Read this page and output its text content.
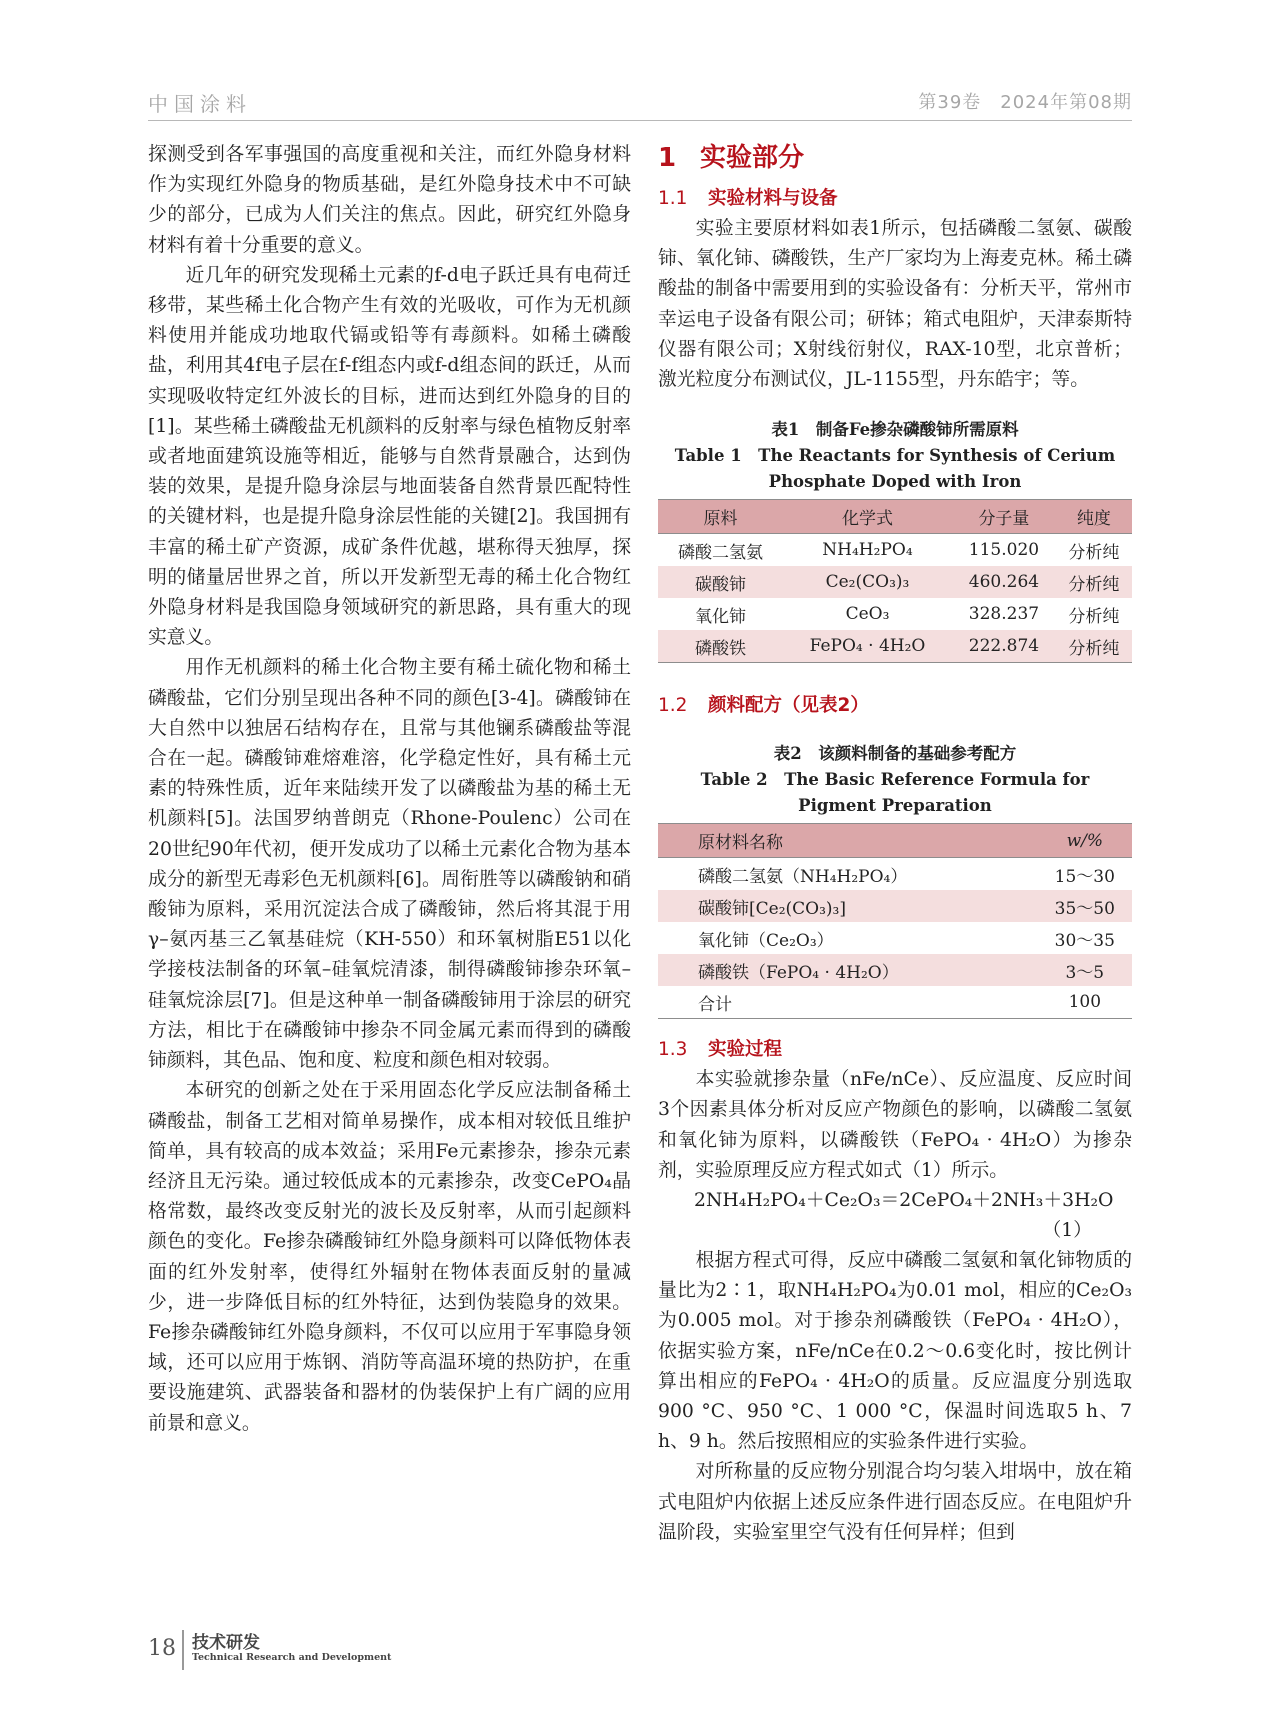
中国涂料	第39卷　2024年第08期

探测受到各军事强国的高度重视和关注，而红外隐身材料作为实现红外隐身的物质基础，是红外隐身技术中不可缺少的部分，已成为人们关注的焦点。因此，研究红外隐身材料有着十分重要的意义。

近几年的研究发现稀土元素的f-d电子跃迁具有电荷迁移带，某些稀土化合物产生有效的光吸收，可作为无机颜料使用并能成功地取代镉或铅等有毒颜料。如稀土磷酸盐，利用其4f电子层在f-f组态内或f-d组态间的跃迁，从而实现吸收特定红外波长的目标，进而达到红外隐身的目的[1]。某些稀土磷酸盐无机颜料的反射率与绿色植物反射率或者地面建筑设施等相近，能够与自然背景融合，达到伪装的效果，是提升隐身涂层与地面装备自然背景匹配特性的关键材料，也是提升隐身涂层性能的关键[2]。我国拥有丰富的稀土矿产资源，成矿条件优越，堪称得天独厚，探明的储量居世界之首，所以开发新型无毒的稀土化合物红外隐身材料是我国隐身领域研究的新思路，具有重大的现实意义。

用作无机颜料的稀土化合物主要有稀土硫化物和稀土磷酸盐，它们分别呈现出各种不同的颜色[3-4]。磷酸铈在大自然中以独居石结构存在，且常与其他镧系磷酸盐等混合在一起。磷酸铈难熔难溶，化学稳定性好，具有稀土元素的特殊性质，近年来陆续开发了以磷酸盐为基的稀土无机颜料[5]。法国罗纳普朗克（Rhone-Poulenc）公司在20世纪90年代初，便开发成功了以稀土元素化合物为基本成分的新型无毒彩色无机颜料[6]。周衔胜等以磷酸钠和硝酸铈为原料，采用沉淀法合成了磷酸铈，然后将其混于用γ–氨丙基三乙氧基硅烷（KH-550）和环氧树脂E51以化学接枝法制备的环氧–硅氧烷清漆，制得磷酸铈掺杂环氧–硅氧烷涂层[7]。但是这种单一制备磷酸铈用于涂层的研究方法，相比于在磷酸铈中掺杂不同金属元素而得到的磷酸铈颜料，其色品、饱和度、粒度和颜色相对较弱。

本研究的创新之处在于采用固态化学反应法制备稀土磷酸盐，制备工艺相对简单易操作，成本相对较低且维护简单，具有较高的成本效益；采用Fe元素掺杂，掺杂元素经济且无污染。通过较低成本的元素掺杂，改变CePO₄晶格常数，最终改变反射光的波长及反射率，从而引起颜料颜色的变化。Fe掺杂磷酸铈红外隐身颜料可以降低物体表面的红外发射率，使得红外辐射在物体表面反射的量减少，进一步降低目标的红外特征，达到伪装隐身的效果。Fe掺杂磷酸铈红外隐身颜料，不仅可以应用于军事隐身领域，还可以应用于炼钢、消防等高温环境的热防护，在重要设施建筑、武器装备和器材的伪装保护上有广阔的应用前景和意义。

1 实验部分
1.1 实验材料与设备

实验主要原材料如表1所示，包括磷酸二氢氨、碳酸铈、氧化铈、磷酸铁，生产厂家均为上海麦克林。稀土磷酸盐的制备中需要用到的实验设备有：分析天平，常州市幸运电子设备有限公司；研钵；箱式电阻炉，天津泰斯特仪器有限公司；X射线衍射仪，RAX-10型，北京普析；激光粒度分布测试仪，JL-1155型，丹东皓宇；等。

表1　制备Fe掺杂磷酸铈所需原料
Table 1　The Reactants for Synthesis of Cerium Phosphate Doped with Iron
原料	化学式	分子量	纯度
磷酸二氢氨	NH₄H₂PO₄	115.020	分析纯
碳酸铈	Ce₂(CO₃)₃	460.264	分析纯
氧化铈	CeO₃	328.237	分析纯
磷酸铁	FePO₄ · 4H₂O	222.874	分析纯
1.2 颜料配方（见表2）
表2　该颜料制备的基础参考配方
Table 2　The Basic Reference Formula for Pigment Preparation
原材料名称	w/%
磷酸二氢氨（NH₄H₂PO₄）	15～30
碳酸铈[Ce₂(CO₃)₃]	35～50
氧化铈（Ce₂O₃）	30～35
磷酸铁（FePO₄ · 4H₂O）	3～5
合计	100
1.3 实验过程

本实验就掺杂量（nFe/nCe）、反应温度、反应时间3个因素具体分析对反应产物颜色的影响，以磷酸二氢氨和氧化铈为原料，以磷酸铁（FePO₄ · 4H₂O）为掺杂剂，实验原理反应方程式如式（1）所示。

2NH₄H₂PO₄＋Ce₂O₃＝2CePO₄＋2NH₃＋3H₂O
（1）

根据方程式可得，反应中磷酸二氢氨和氧化铈物质的量比为2∶1，取NH₄H₂PO₄为0.01 mol，相应的Ce₂O₃为0.005 mol。对于掺杂剂磷酸铁（FePO₄ · 4H₂O），依据实验方案，nFe/nCe在0.2～0.6变化时，按比例计算出相应的FePO₄ · 4H₂O的质量。反应温度分别选取900 °C、950 °C、1 000 °C，保温时间选取5 h、7 h、9 h。然后按照相应的实验条件进行实验。

对所称量的反应物分别混合均匀装入坩埚中，放在箱式电阻炉内依据上述反应条件进行固态反应。在电阻炉升温阶段，实验室里空气没有任何异样；但到

18 技术研发
Technical Research and Development
